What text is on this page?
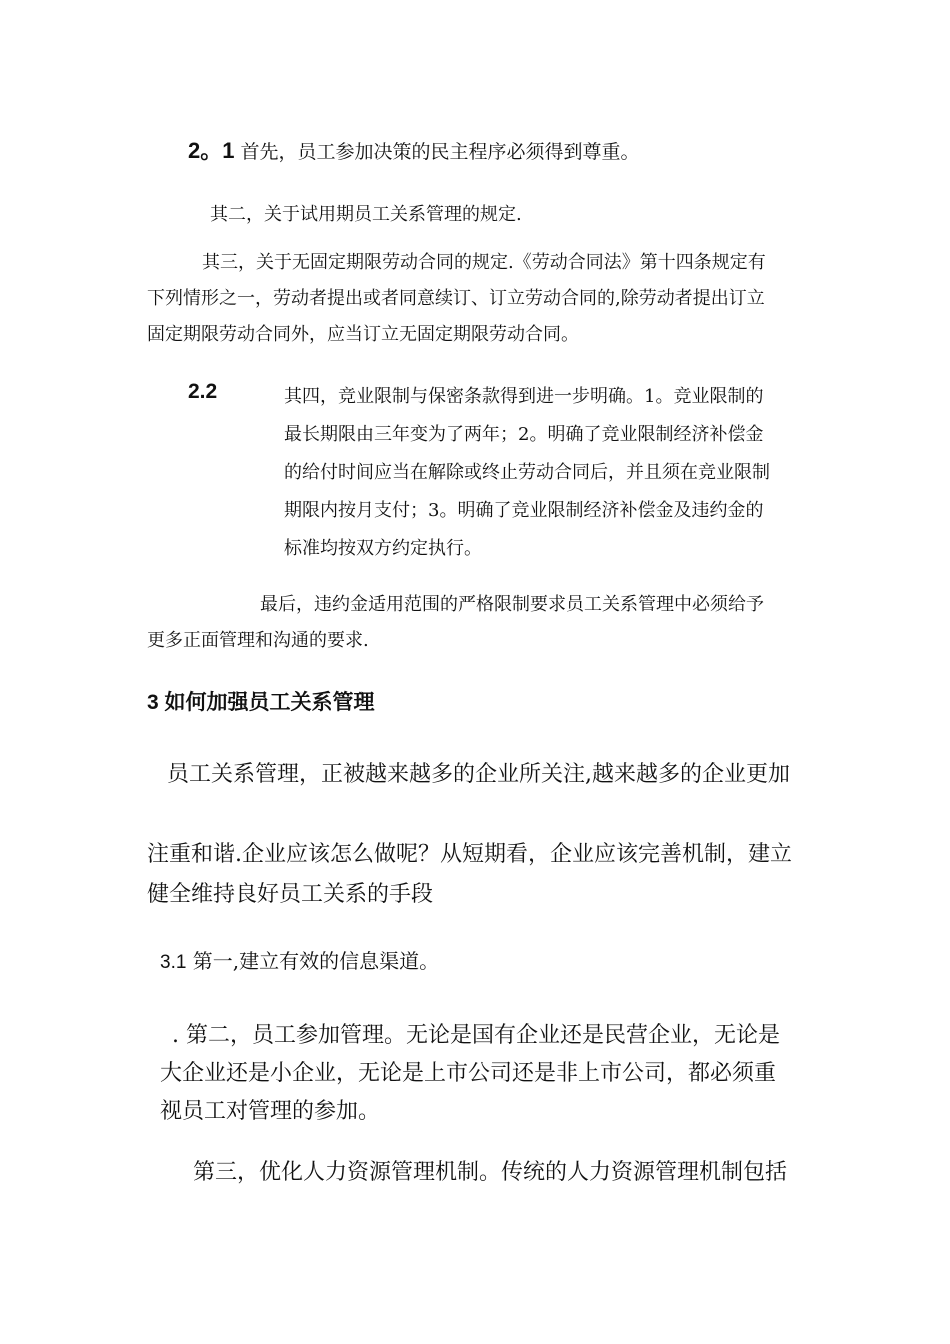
2。1 首先，员工参加决策的民主程序必须得到尊重。
其二，关于试用期员工关系管理的规定.
其三，关于无固定期限劳动合同的规定.《劳动合同法》第十四条规定有
下列情形之一，劳动者提出或者同意续订、订立劳动合同的,除劳动者提出订立
固定期限劳动合同外，应当订立无固定期限劳动合同。
2.2	其四，竞业限制与保密条款得到进一步明确。1。竞业限制的
最长期限由三年变为了两年；2。明确了竞业限制经济补偿金
的给付时间应当在解除或终止劳动合同后，并且须在竞业限制
期限内按月支付；3。明确了竞业限制经济补偿金及违约金的
标准均按双方约定执行。
最后，违约金适用范围的严格限制要求员工关系管理中必须给予
更多正面管理和沟通的要求.
3 如何加强员工关系管理
员工关系管理，正被越来越多的企业所关注,越来越多的企业更加
注重和谐.企业应该怎么做呢？从短期看，企业应该完善机制，建立
健全维持良好员工关系的手段
3.1 第一,建立有效的信息渠道。
. 第二，员工参加管理。无论是国有企业还是民营企业，无论是
大企业还是小企业，无论是上市公司还是非上市公司，都必须重
视员工对管理的参加。
第三，优化人力资源管理机制。传统的人力资源管理机制包括
